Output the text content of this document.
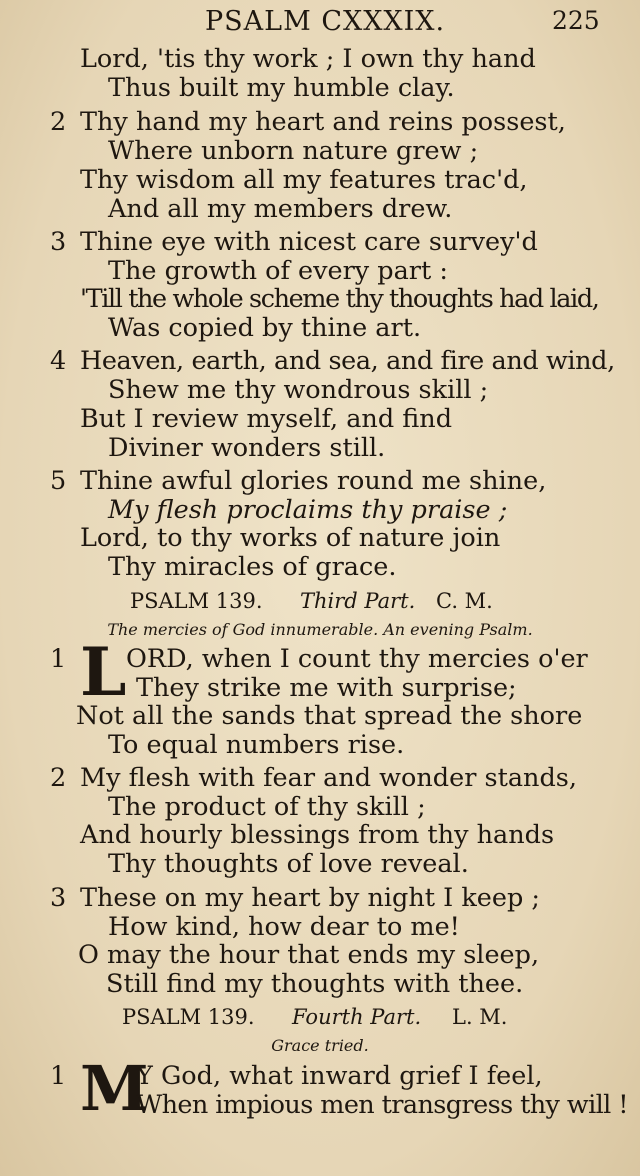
PSALM CXXXIX.	225
Lord, 'tis thy work ; I own thy hand
Thus built my humble clay.
2 Thy hand my heart and reins possest,
Where unborn nature grew ;
Thy wisdom all my features trac'd,
And all my members drew.
3 Thine eye with nicest care survey'd
The growth of every part :
'Till the whole scheme thy thoughts had laid,
Was copied by thine art.
4 Heaven, earth, and sea, and fire and wind,
Shew me thy wondrous skill ;
But I review myself, and find
Diviner wonders still.
5 Thine awful glories round me shine,
My flesh proclaims thy praise ;
Lord, to thy works of nature join
Thy miracles of grace.
PSALM 139. Third Part. C. M.
The mercies of God innumerable. An evening Psalm.
1 L ORD, when I count thy mercies o'er
They strike me with surprise;
Not all the sands that spread the shore
To equal numbers rise.
2 My flesh with fear and wonder stands,
The product of thy skill ;
And hourly blessings from thy hands
Thy thoughts of love reveal.
3 These on my heart by night I keep ;
How kind, how dear to me!
O may the hour that ends my sleep,
Still find my thoughts with thee.
PSALM 139. Fourth Part. L. M.
Grace tried.
1 M
Y God, what inward grief I feel,
When impious men transgress thy will !
